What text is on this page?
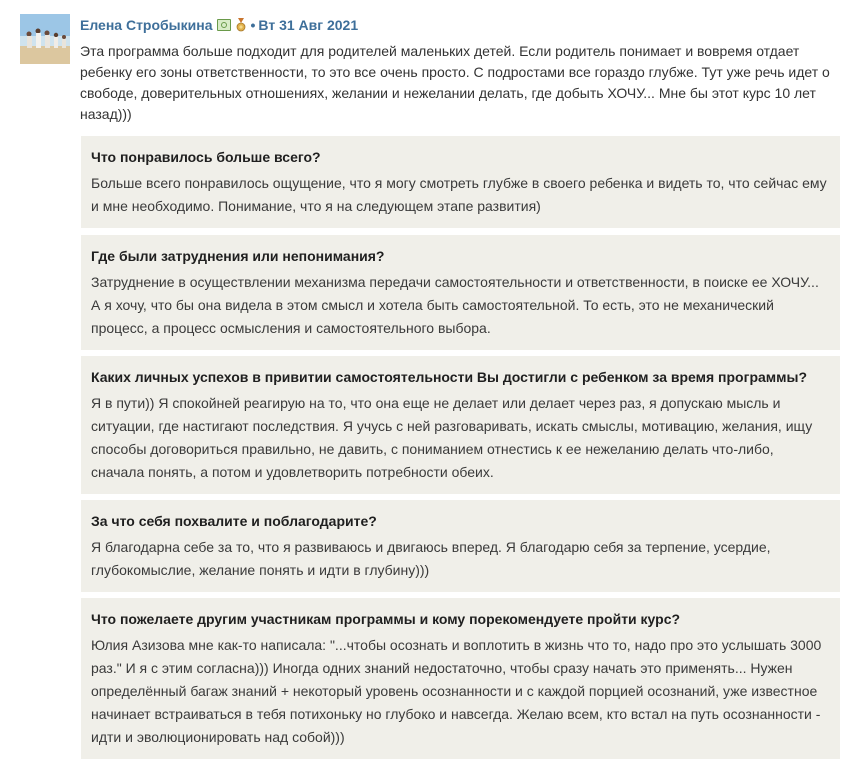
Елена Стробыкина	• Вт 31 Авг 2021

Эта программа больше подходит для родителей маленьких детей. Если родитель понимает и вовремя отдает ребенку его зоны ответственности, то это все очень просто. С подростами все гораздо глубже. Тут уже речь идет о свободе, доверительных отношениях, желании и нежелании делать, где добыть ХОЧУ... Мне бы этот курс 10 лет назад)))

Что понравилось больше всего?

Больше всего понравилось ощущение, что я могу смотреть глубже в своего ребенка и видеть то, что сейчас ему и мне необходимо. Понимание, что я на следующем этапе развития)

Где были затруднения или непонимания?

Затруднение в осуществлении механизма передачи самостоятельности и ответственности, в поиске ее ХОЧУ... А я хочу, что бы она видела в этом смысл и хотела быть самостоятельной. То есть, это не механический процесс, а процесс осмысления и самостоятельного выбора.

Каких личных успехов в привитии самостоятельности Вы достигли с ребенком за время программы?

Я в пути)) Я спокойней реагирую на то, что она еще не делает или делает через раз, я допускаю мысль и ситуации, где настигают последствия. Я учусь с ней разговаривать, искать смыслы, мотивацию, желания, ищу способы договориться правильно, не давить, с пониманием отнестись к ее нежеланию делать что-либо, сначала понять, а потом и удовлетворить потребности обеих.

За что себя похвалите и поблагодарите?

Я благодарна себе за то, что я развиваюсь и двигаюсь вперед. Я благодарю себя за терпение, усердие, глубокомыслие, желание понять и идти в глубину)))

Что пожелаете другим участникам программы и кому порекомендуете пройти курс?

Юлия Азизова мне как-то написала: "...чтобы осознать и воплотить в жизнь что то, надо про это услышать 3000 раз." И я с этим согласна))) Иногда одних знаний недостаточно, чтобы сразу начать это применять... Нужен определённый багаж знаний + некоторый уровень осознанности и с каждой порцией осознаний, уже известное начинает встраиваться в тебя потихоньку но глубоко и навсегда. Желаю всем, кто встал на путь осознанности - идти и эволюционировать над собой)))
